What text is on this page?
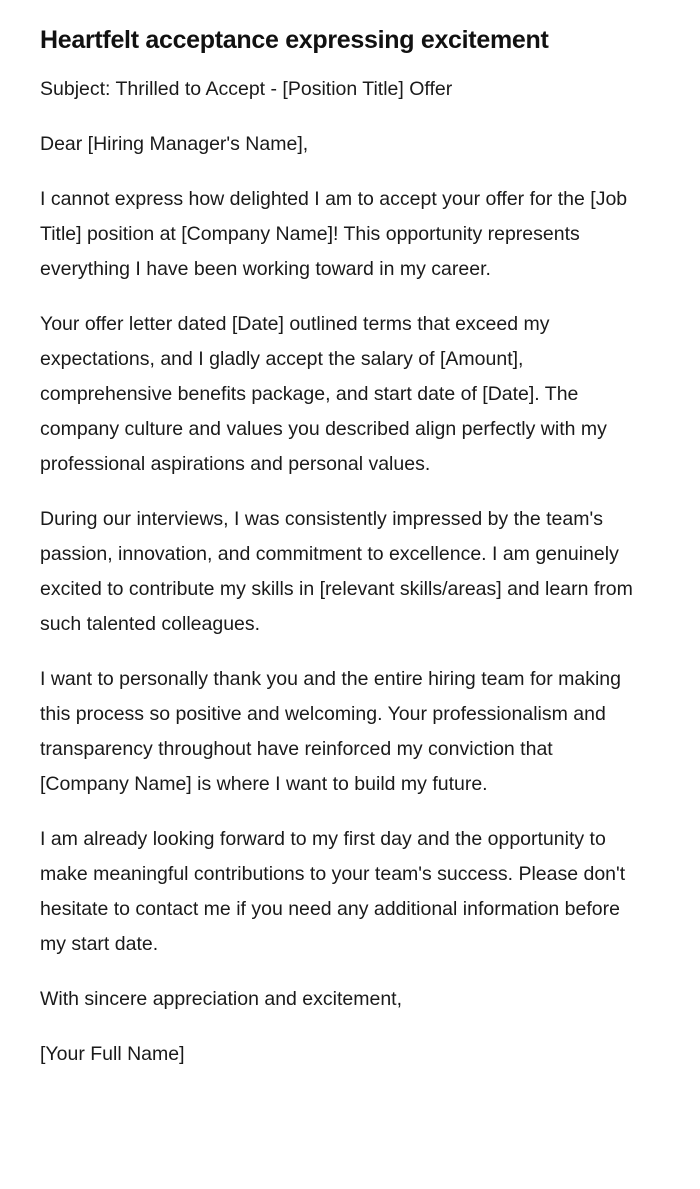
Heartfelt acceptance expressing excitement

Subject: Thrilled to Accept - [Position Title] Offer

Dear [Hiring Manager's Name],

I cannot express how delighted I am to accept your offer for the [Job Title] position at [Company Name]! This opportunity represents everything I have been working toward in my career.

Your offer letter dated [Date] outlined terms that exceed my expectations, and I gladly accept the salary of [Amount], comprehensive benefits package, and start date of [Date]. The company culture and values you described align perfectly with my professional aspirations and personal values.

During our interviews, I was consistently impressed by the team's passion, innovation, and commitment to excellence. I am genuinely excited to contribute my skills in [relevant skills/areas] and learn from such talented colleagues.

I want to personally thank you and the entire hiring team for making this process so positive and welcoming. Your professionalism and transparency throughout have reinforced my conviction that [Company Name] is where I want to build my future.

I am already looking forward to my first day and the opportunity to make meaningful contributions to your team's success. Please don't hesitate to contact me if you need any additional information before my start date.

With sincere appreciation and excitement,

[Your Full Name]
